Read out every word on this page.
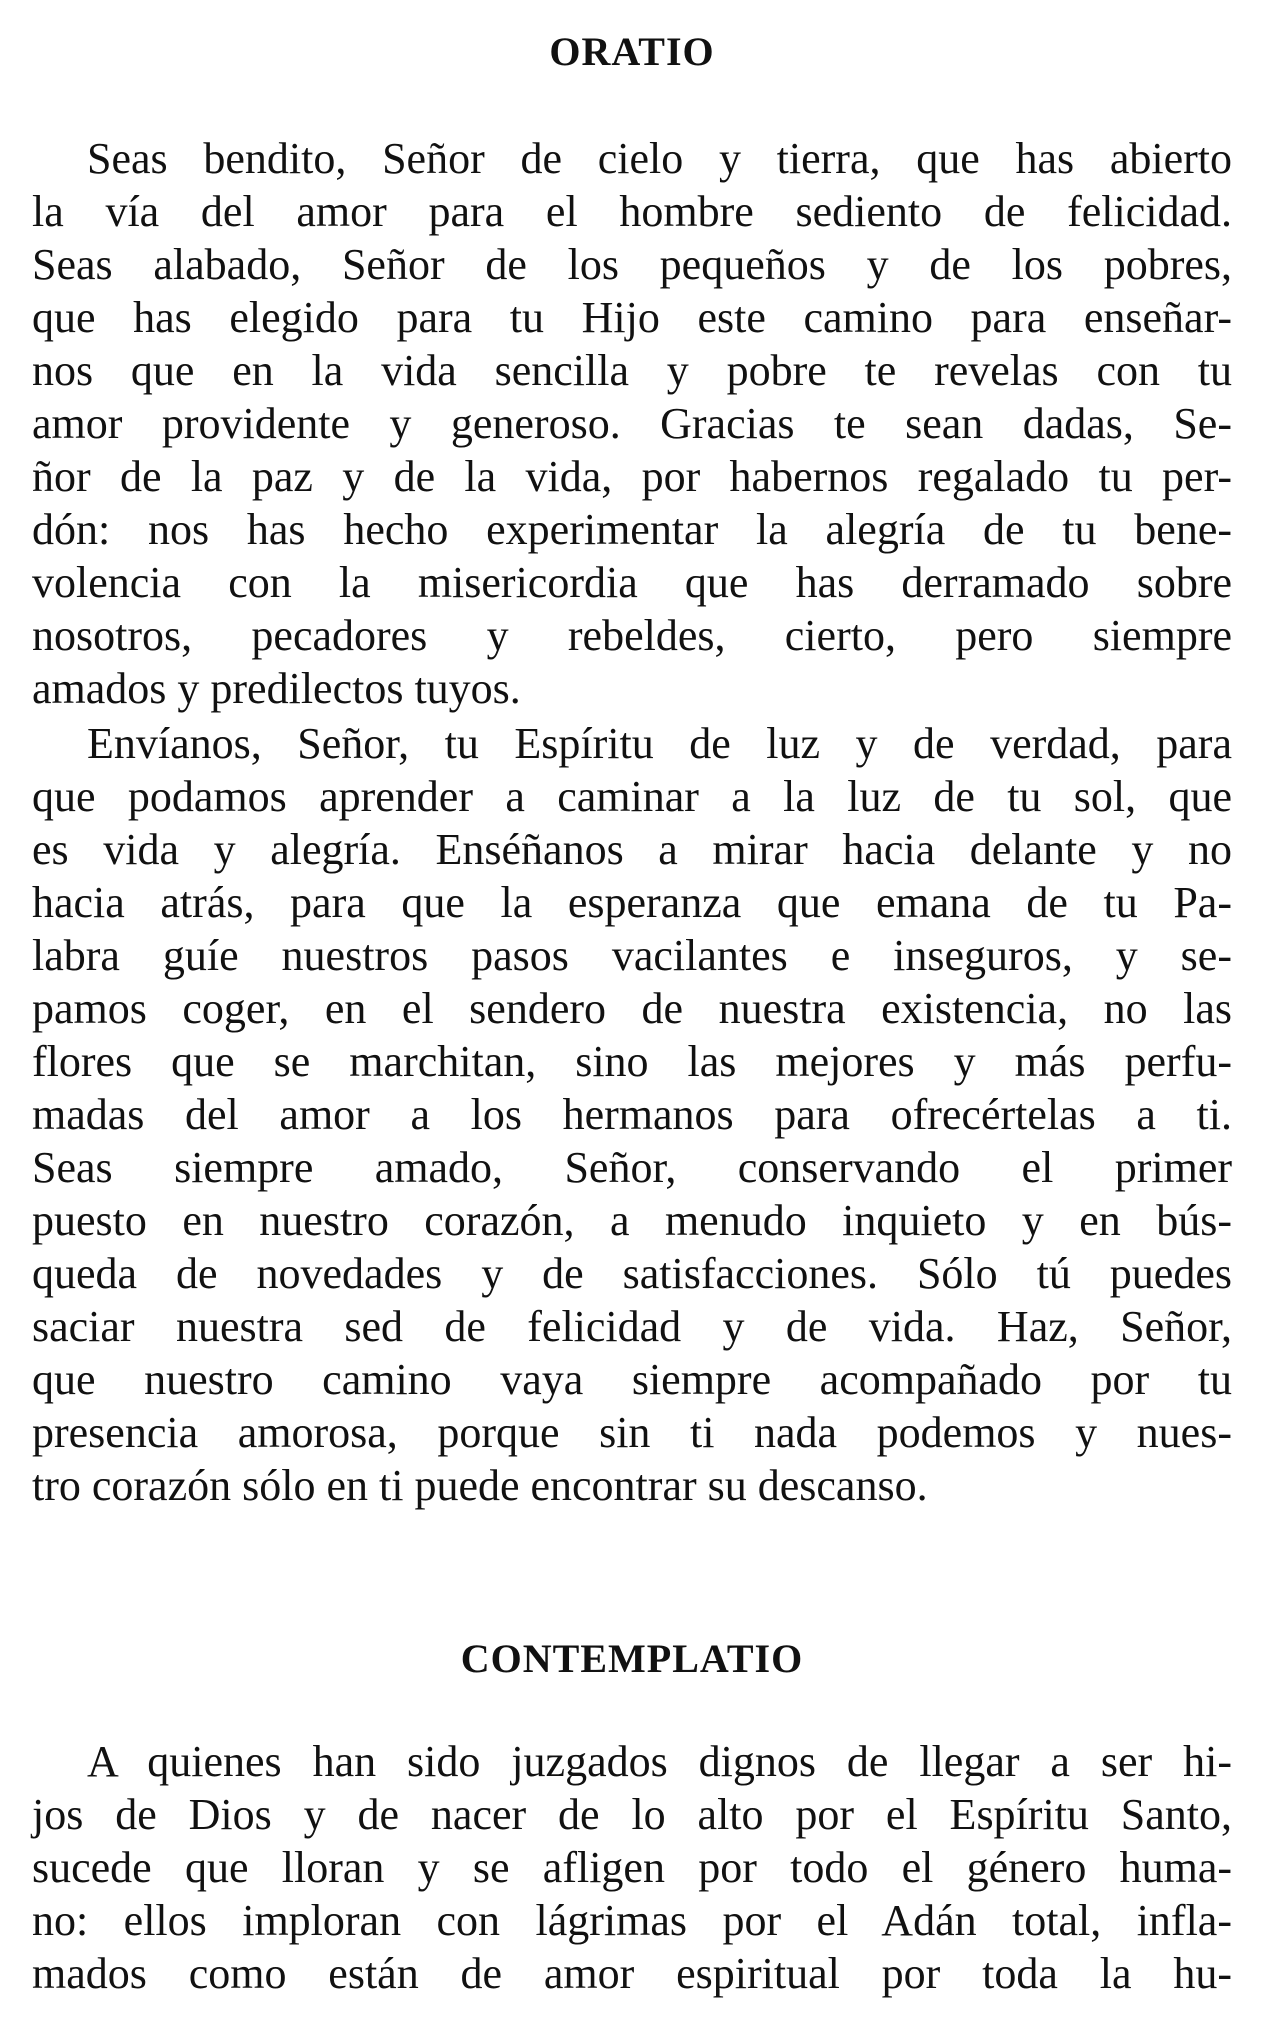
ORATIO
Seas bendito, Señor de cielo y tierra, que has abierto
la vía del amor para el hombre sediento de felicidad.
Seas alabado, Señor de los pequeños y de los pobres,
que has elegido para tu Hijo este camino para enseñar-
nos que en la vida sencilla y pobre te revelas con tu
amor providente y generoso. Gracias te sean dadas, Se-
ñor de la paz y de la vida, por habernos regalado tu per-
dón: nos has hecho experimentar la alegría de tu bene-
volencia con la misericordia que has derramado sobre
nosotros, pecadores y rebeldes, cierto, pero siempre
amados y predilectos tuyos.
Envíanos, Señor, tu Espíritu de luz y de verdad, para
que podamos aprender a caminar a la luz de tu sol, que
es vida y alegría. Enséñanos a mirar hacia delante y no
hacia atrás, para que la esperanza que emana de tu Pa-
labra guíe nuestros pasos vacilantes e inseguros, y se-
pamos coger, en el sendero de nuestra existencia, no las
flores que se marchitan, sino las mejores y más perfu-
madas del amor a los hermanos para ofrecértelas a ti.
Seas siempre amado, Señor, conservando el primer
puesto en nuestro corazón, a menudo inquieto y en bús-
queda de novedades y de satisfacciones. Sólo tú puedes
saciar nuestra sed de felicidad y de vida. Haz, Señor,
que nuestro camino vaya siempre acompañado por tu
presencia amorosa, porque sin ti nada podemos y nues-
tro corazón sólo en ti puede encontrar su descanso.
CONTEMPLATIO
A quienes han sido juzgados dignos de llegar a ser hi-
jos de Dios y de nacer de lo alto por el Espíritu Santo,
sucede que lloran y se afligen por todo el género huma-
no: ellos imploran con lágrimas por el Adán total, infla-
mados como están de amor espiritual por toda la hu-
